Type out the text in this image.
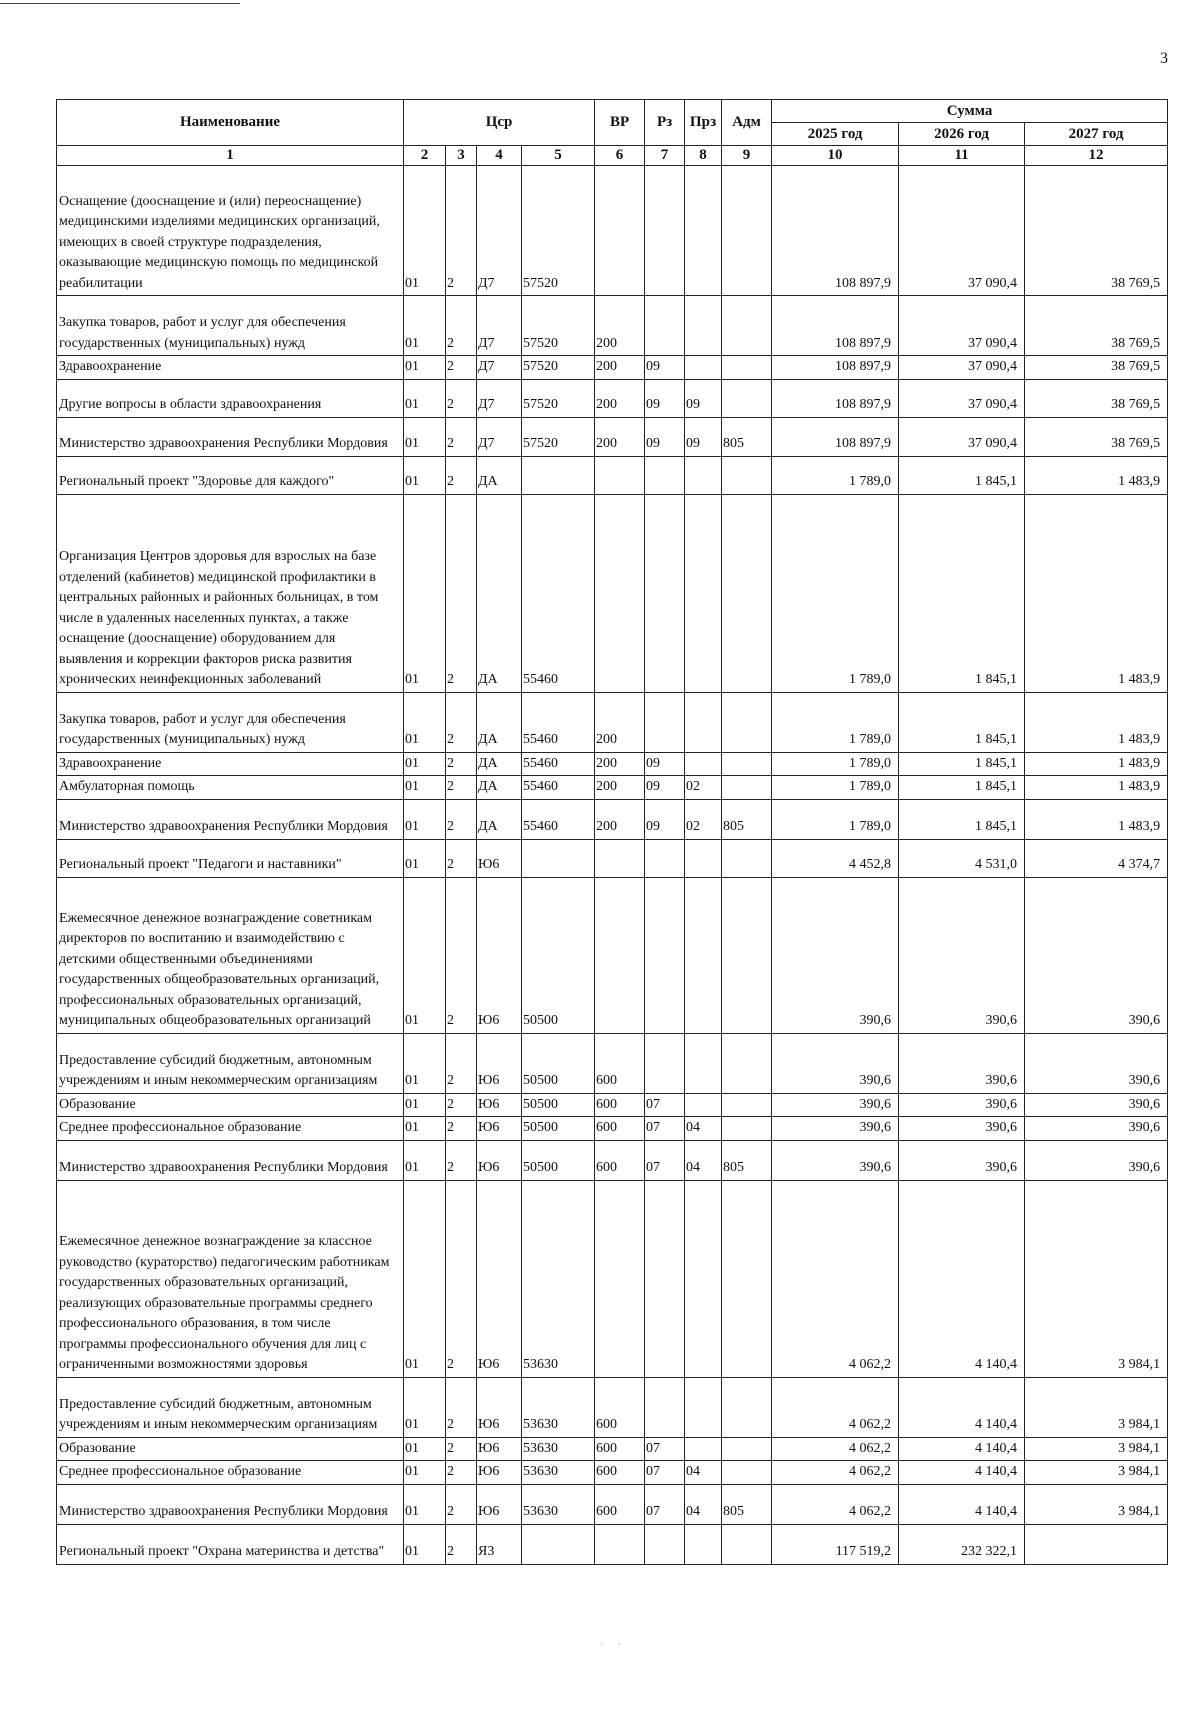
3
Наименование	Цср				ВР	Рз	Прз	Адм	Сумма		
									2025 год	2026 год	2027 год
1	2	3	4	5	6	7	8	9	10	11	12
Оснащение (дооснащение и (или) переоснащение) медицинскими изделиями медицинских организаций, имеющих в своей структуре подразделения, оказывающие медицинскую помощь по медицинской реабилитации	01	2	Д7	57520					108 897,9	37 090,4	38 769,5
Закупка товаров, работ и услуг для обеспечения государственных (муниципальных) нужд	01	2	Д7	57520	200				108 897,9	37 090,4	38 769,5
Здравоохранение	01	2	Д7	57520	200	09			108 897,9	37 090,4	38 769,5
Другие вопросы в области здравоохранения	01	2	Д7	57520	200	09	09		108 897,9	37 090,4	38 769,5
Министерство здравоохранения Республики Мордовия	01	2	Д7	57520	200	09	09	805	108 897,9	37 090,4	38 769,5
Региональный проект "Здоровье для каждого"	01	2	ДА						1 789,0	1 845,1	1 483,9
Организация Центров здоровья для взрослых на базе отделений (кабинетов) медицинской профилактики в центральных районных и районных больницах, в том числе в удаленных населенных пунктах, а также оснащение (дооснащение) оборудованием для выявления и коррекции факторов риска развития хронических неинфекционных заболеваний	01	2	ДА	55460					1 789,0	1 845,1	1 483,9
Закупка товаров, работ и услуг для обеспечения государственных (муниципальных) нужд	01	2	ДА	55460	200				1 789,0	1 845,1	1 483,9
Здравоохранение	01	2	ДА	55460	200	09			1 789,0	1 845,1	1 483,9
Амбулаторная помощь	01	2	ДА	55460	200	09	02		1 789,0	1 845,1	1 483,9
Министерство здравоохранения Республики Мордовия	01	2	ДА	55460	200	09	02	805	1 789,0	1 845,1	1 483,9
Региональный проект "Педагоги и наставники"	01	2	Ю6						4 452,8	4 531,0	4 374,7
Ежемесячное денежное вознаграждение советникам директоров по воспитанию и взаимодействию с детскими общественными объединениями государственных общеобразовательных организаций, профессиональных образовательных организаций, муниципальных общеобразовательных организаций	01	2	Ю6	50500					390,6	390,6	390,6
Предоставление субсидий бюджетным, автономным учреждениям и иным некоммерческим организациям	01	2	Ю6	50500	600				390,6	390,6	390,6
Образование	01	2	Ю6	50500	600	07			390,6	390,6	390,6
Среднее профессиональное образование	01	2	Ю6	50500	600	07	04		390,6	390,6	390,6
Министерство здравоохранения Республики Мордовия	01	2	Ю6	50500	600	07	04	805	390,6	390,6	390,6
Ежемесячное денежное вознаграждение за классное руководство (кураторство) педагогическим работникам государственных образовательных организаций, реализующих образовательные программы среднего профессионального образования, в том числе программы профессионального обучения для лиц с ограниченными возможностями здоровья	01	2	Ю6	53630					4 062,2	4 140,4	3 984,1
Предоставление субсидий бюджетным, автономным учреждениям и иным некоммерческим организациям	01	2	Ю6	53630	600				4 062,2	4 140,4	3 984,1
Образование	01	2	Ю6	53630	600	07			4 062,2	4 140,4	3 984,1
Среднее профессиональное образование	01	2	Ю6	53630	600	07	04		4 062,2	4 140,4	3 984,1
Министерство здравоохранения Республики Мордовия	01	2	Ю6	53630	600	07	04	805	4 062,2	4 140,4	3 984,1
Региональный проект "Охрана материнства и детства"	01	2	Я3						117 519,2	232 322,1	
· ·
